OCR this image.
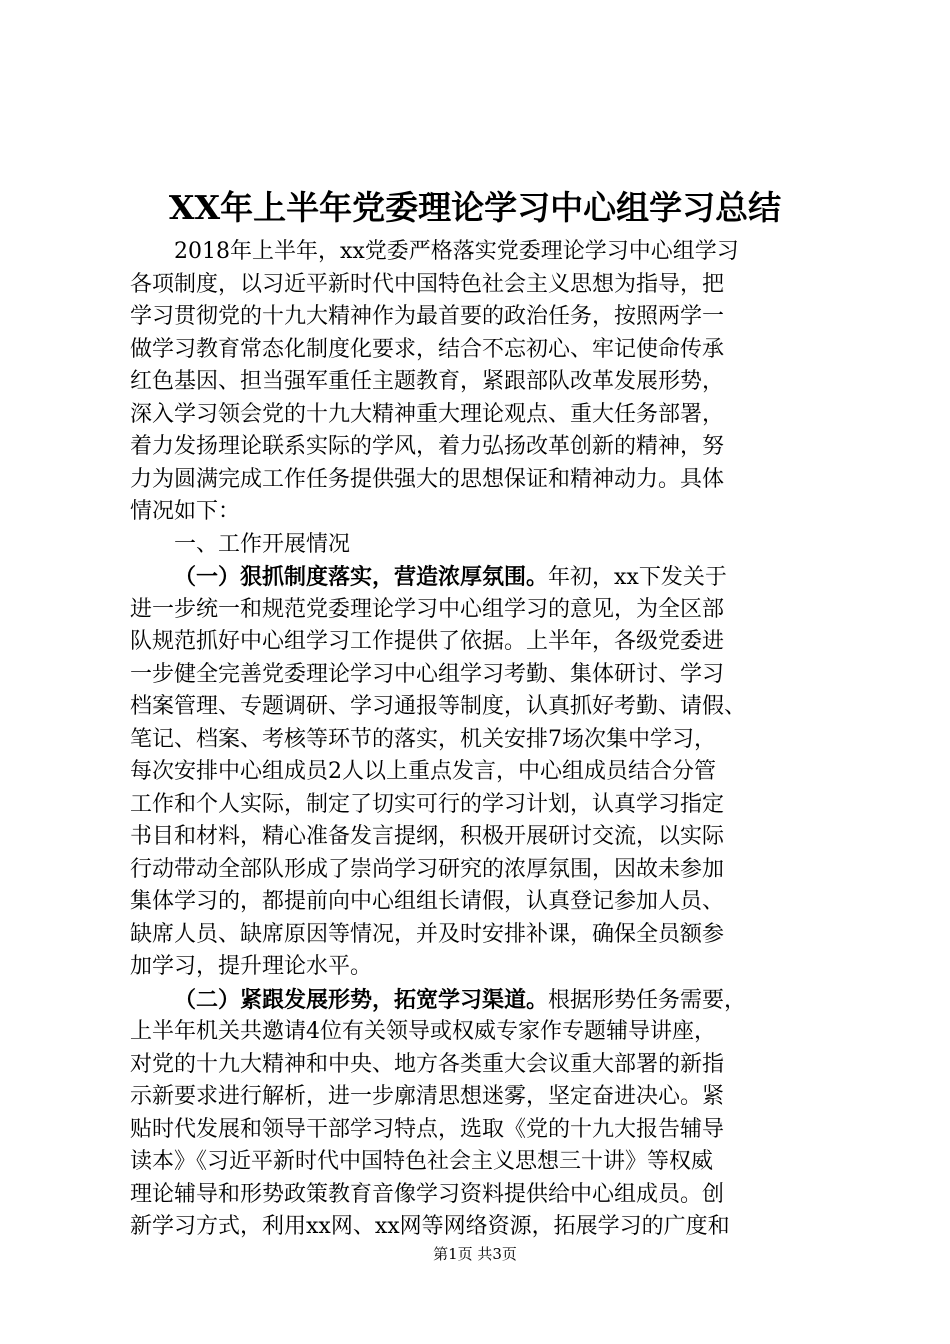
XX年上半年党委理论学习中心组学习总结
2018年上半年，xx党委严格落实党委理论学习中心组学习
各项制度，以习近平新时代中国特色社会主义思想为指导，把
学习贯彻党的十九大精神作为最首要的政治任务，按照两学一
做学习教育常态化制度化要求，结合不忘初心、牢记使命传承
红色基因、担当强军重任主题教育，紧跟部队改革发展形势，
深入学习领会党的十九大精神重大理论观点、重大任务部署，
着力发扬理论联系实际的学风，着力弘扬改革创新的精神，努
力为圆满完成工作任务提供强大的思想保证和精神动力。具体
情况如下：
一、工作开展情况
（一）狠抓制度落实，营造浓厚氛围。年初，xx下发关于
进一步统一和规范党委理论学习中心组学习的意见，为全区部
队规范抓好中心组学习工作提供了依据。上半年，各级党委进
一步健全完善党委理论学习中心组学习考勤、集体研讨、学习
档案管理、专题调研、学习通报等制度，认真抓好考勤、请假、
笔记、档案、考核等环节的落实，机关安排7场次集中学习，
每次安排中心组成员2人以上重点发言，中心组成员结合分管
工作和个人实际，制定了切实可行的学习计划，认真学习指定
书目和材料，精心准备发言提纲，积极开展研讨交流，以实际
行动带动全部队形成了崇尚学习研究的浓厚氛围，因故未参加
集体学习的，都提前向中心组组长请假，认真登记参加人员、
缺席人员、缺席原因等情况，并及时安排补课，确保全员额参
加学习，提升理论水平。
（二）紧跟发展形势，拓宽学习渠道。根据形势任务需要，
上半年机关共邀请4位有关领导或权威专家作专题辅导讲座，
对党的十九大精神和中央、地方各类重大会议重大部署的新指
示新要求进行解析，进一步廓清思想迷雾，坚定奋进决心。紧
贴时代发展和领导干部学习特点，选取《党的十九大报告辅导
读本》《习近平新时代中国特色社会主义思想三十讲》等权威
理论辅导和形势政策教育音像学习资料提供给中心组成员。创
新学习方式，利用xx网、xx网等网络资源，拓展学习的广度和
第1页 共3页
